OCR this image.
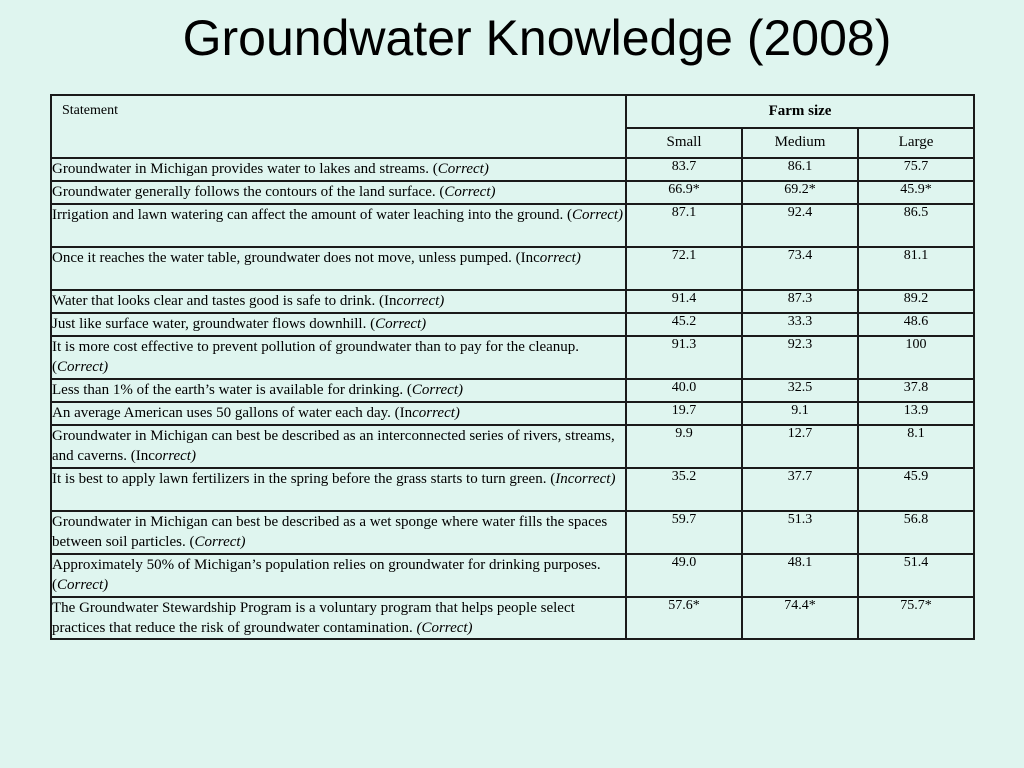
Groundwater Knowledge (2008)
Statement	Farm size		
	Small	Medium	Large
Groundwater in Michigan provides water to lakes and streams. (Correct)	83.7	86.1	75.7
Groundwater generally follows the contours of the land surface. (Correct)	66.9*	69.2*	45.9*
Irrigation and lawn watering can affect the amount of water leaching into the ground. (Correct)	87.1	92.4	86.5
Once it reaches the water table, groundwater does not move, unless pumped. (Incorrect)	72.1	73.4	81.1
Water that looks clear and tastes good is safe to drink. (Incorrect)	91.4	87.3	89.2
Just like surface water, groundwater flows downhill. (Correct)	45.2	33.3	48.6
It is more cost effective to prevent pollution of groundwater than to pay for the cleanup. (Correct)	91.3	92.3	100
Less than 1% of the earth’s water is available for drinking. (Correct)	40.0	32.5	37.8
An average American uses 50 gallons of water each day. (Incorrect)	19.7	9.1	13.9
Groundwater in Michigan can best be described as an interconnected series of rivers, streams, and caverns. (Incorrect)	9.9	12.7	8.1
It is best to apply lawn fertilizers in the spring before the grass starts to turn green. (Incorrect)	35.2	37.7	45.9
Groundwater in Michigan can best be described as a wet sponge where water fills the spaces between soil particles. (Correct)	59.7	51.3	56.8
Approximately 50% of Michigan’s population relies on groundwater for drinking purposes. (Correct)	49.0	48.1	51.4
The Groundwater Stewardship Program is a voluntary program that helps people select practices that reduce the risk of groundwater contamination. (Correct)	57.6*	74.4*	75.7*
